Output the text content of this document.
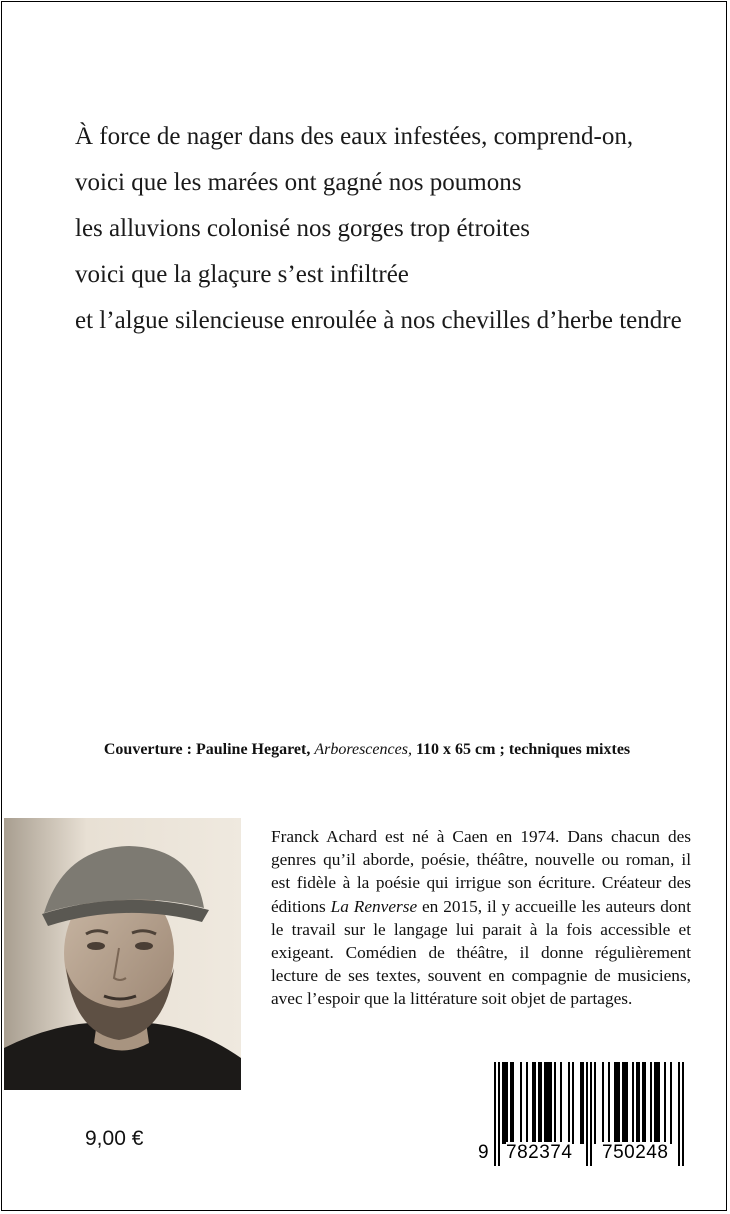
À force de nager dans des eaux infestées, comprend-on,
voici que les marées ont gagné nos poumons
les alluvions colonisé nos gorges trop étroites
voici que la glaçure s’est infiltrée
et l’algue silencieuse enroulée à nos chevilles d’herbe tendre
Couverture : Pauline Hegaret, Arborescences, 110 x 65 cm ; techniques mixtes
Franck Achard est né à Caen en 1974. Dans chacun des genres qu’il aborde, poésie, théâtre, nouvelle ou roman, il est fidèle à la poésie qui irrigue son écriture. Créateur des éditions La Renverse en 2015, il y accueille les auteurs dont le travail sur le langage lui parait à la fois accessible et exigeant. Comédien de théâtre, il donne régulièrement lecture de ses textes, souvent en compagnie de musiciens, avec l’espoir que la littérature soit objet de partages.
9,00 €
9 782374 750248
